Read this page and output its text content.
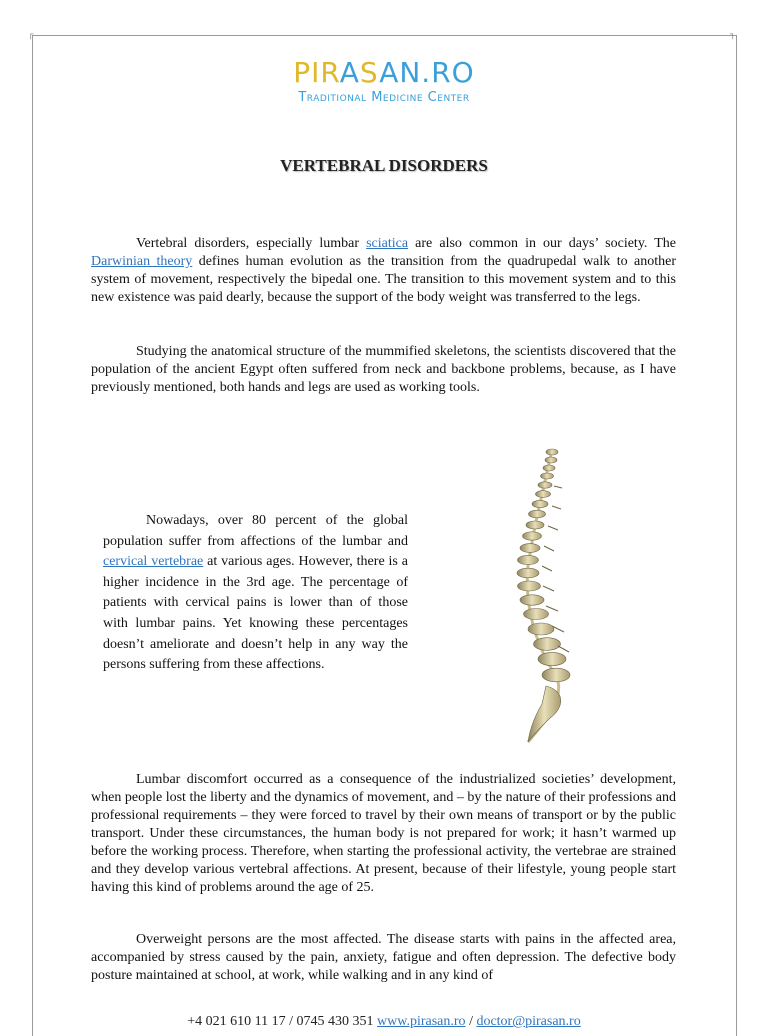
┌	┐
PIRASAN.RO
Traditional Medicine Center
VERTEBRAL DISORDERS
Vertebral disorders, especially lumbar sciatica are also common in our days’ society. The Darwinian theory defines human evolution as the transition from the quadrupedal walk to another system of movement, respectively the bipedal one. The transition to this movement system and to this new existence was paid dearly, because the support of the body weight was transferred to the legs.
Studying the anatomical structure of the mummified skeletons, the scientists discovered that the population of the ancient Egypt often suffered from neck and backbone problems, because, as I have previously mentioned, both hands and legs are used as working tools.
Nowadays, over 80 percent of the global population suffer from affections of the lumbar and cervical vertebrae at various ages. However, there is a higher incidence in the 3rd age. The percentage of patients with cervical pains is lower than of those with lumbar pains. Yet knowing these percentages doesn’t ameliorate and doesn’t help in any way the persons suffering from these affections.
Lumbar discomfort occurred as a consequence of the industrialized societies’ development, when people lost the liberty and the dynamics of movement, and – by the nature of their professions and professional requirements – they were forced to travel by their own means of transport or by the public transport. Under these circumstances, the human body is not prepared for work; it hasn’t warmed up before the working process. Therefore, when starting the professional activity, the vertebrae are strained and they develop various vertebral affections. At present, because of their lifestyle, young people start having this kind of problems around the age of 25.
Overweight persons are the most affected. The disease starts with pains in the affected area, accompanied by stress caused by the pain, anxiety, fatigue and often depression. The defective body posture maintained at school, at work, while walking and in any kind of
+4 021 610 11 17 / 0745 430 351 www.pirasan.ro / doctor@pirasan.ro
